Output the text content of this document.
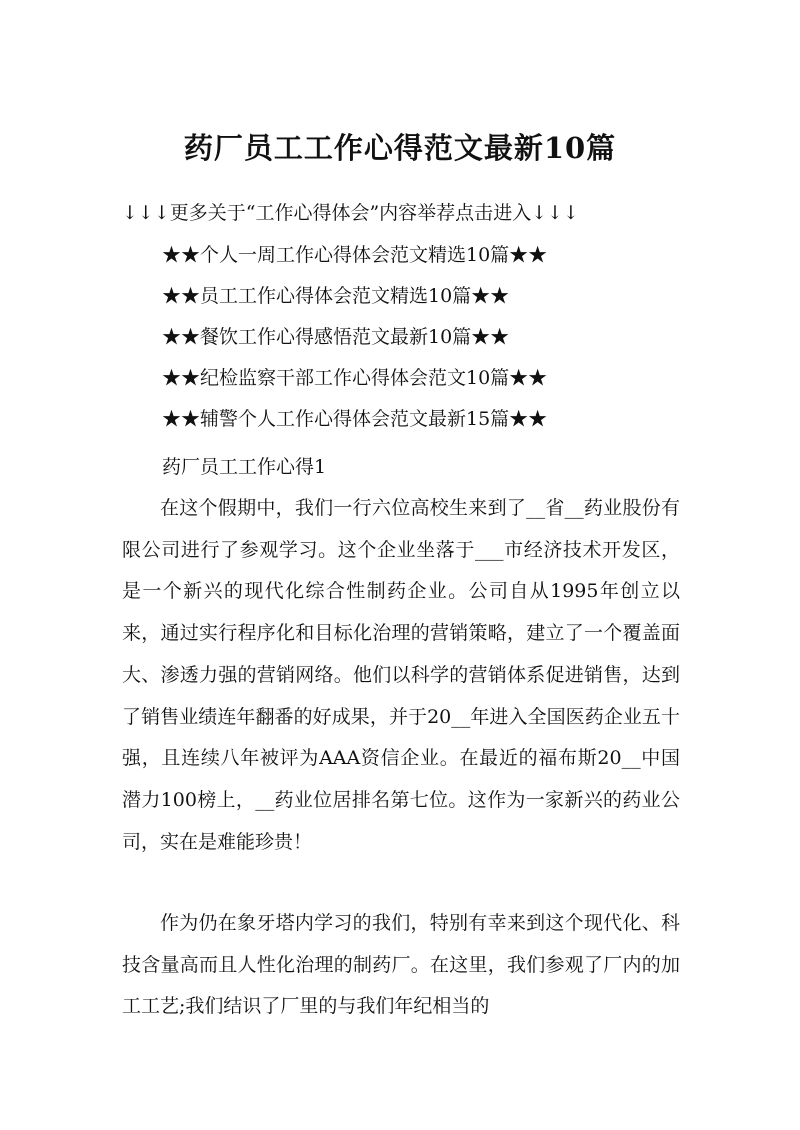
药厂员工工作心得范文最新10篇
↓↓↓更多关于“工作心得体会”内容举荐点击进入↓↓↓
★★个人一周工作心得体会范文精选10篇★★
★★员工工作心得体会范文精选10篇★★
★★餐饮工作心得感悟范文最新10篇★★
★★纪检监察干部工作心得体会范文10篇★★
★★辅警个人工作心得体会范文最新15篇★★
药厂员工工作心得1

在这个假期中，我们一行六位高校生来到了__省__药业股份有限公司进行了参观学习。这个企业坐落于___市经济技术开发区，是一个新兴的现代化综合性制药企业。公司自从1995年创立以来，通过实行程序化和目标化治理的营销策略，建立了一个覆盖面大、渗透力强的营销网络。他们以科学的营销体系促进销售，达到了销售业绩连年翻番的好成果，并于20__年进入全国医药企业五十强，且连续八年被评为AAA资信企业。在最近的福布斯20__中国潜力100榜上，__药业位居排名第七位。这作为一家新兴的药业公司，实在是难能珍贵！

作为仍在象牙塔内学习的我们，特别有幸来到这个现代化、科技含量高而且人性化治理的制药厂。在这里，我们参观了厂内的加工工艺;我们结识了厂里的与我们年纪相当的
